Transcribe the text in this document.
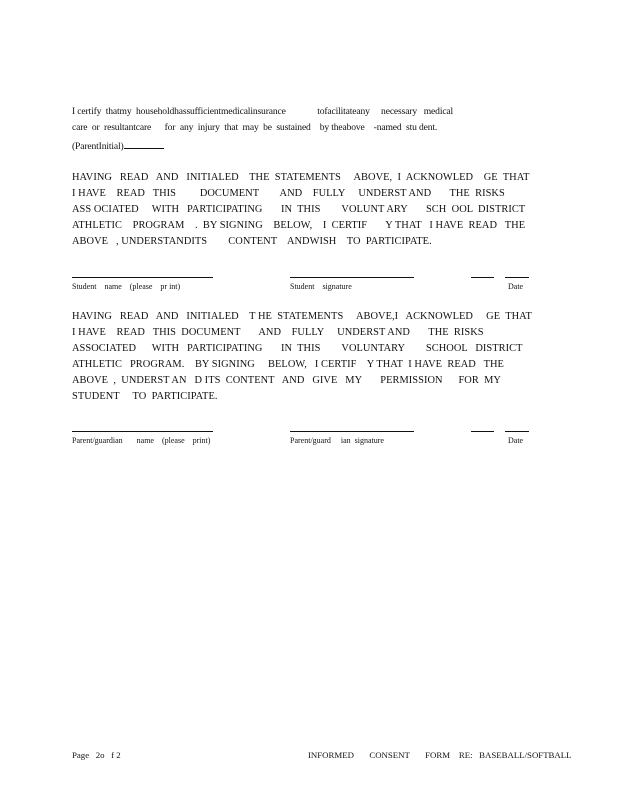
I certify  thatmy  householdhassufficientmedicalinsurance              tofacilitateany     necessary   medical
care  or  resultantcare      for  any  injury  that  may  be  sustained    by theabove    -named  stu dent.
(ParentInitial)
HAVING   READ   AND   INITIALED    THE  STATEMENTS     ABOVE,  I  ACKNOWLED    GE  THAT
I HAVE    READ   THIS         DOCUMENT        AND    FULLY     UNDERST AND       THE  RISKS
ASS OCIATED     WITH   PARTICIPATING       IN  THIS        VOLUNT ARY       SCH  OOL  DISTRICT
ATHLETIC    PROGRAM    .  BY SIGNING    BELOW,    I  CERTIF       Y THAT   I HAVE  READ   THE
ABOVE   , UNDERSTANDITS        CONTENT    ANDWISH    TO  PARTICIPATE.
Student    name    (please    pr int)	Student    signature	Date
HAVING   READ   AND   INITIALED    T HE  STATEMENTS     ABOVE,I   ACKNOWLED     GE  THAT
I HAVE    READ   THIS  DOCUMENT       AND    FULLY     UNDERST AND       THE  RISKS
ASSOCIATED      WITH   PARTICIPATING       IN  THIS        VOLUNTARY        SCHOOL   DISTRICT
ATHLETIC   PROGRAM.    BY SIGNING     BELOW,   I CERTIF    Y THAT  I HAVE  READ   THE
ABOVE  ,  UNDERST AN   D ITS  CONTENT   AND   GIVE   MY       PERMISSION      FOR  MY
STUDENT     TO  PARTICIPATE.
Parent/guardian       name    (please    print)	Parent/guard     ian  signature	Date
Page   2o   f 2	INFORMED       CONSENT       FORM    RE:   BASEBALL/SOFTBALL
